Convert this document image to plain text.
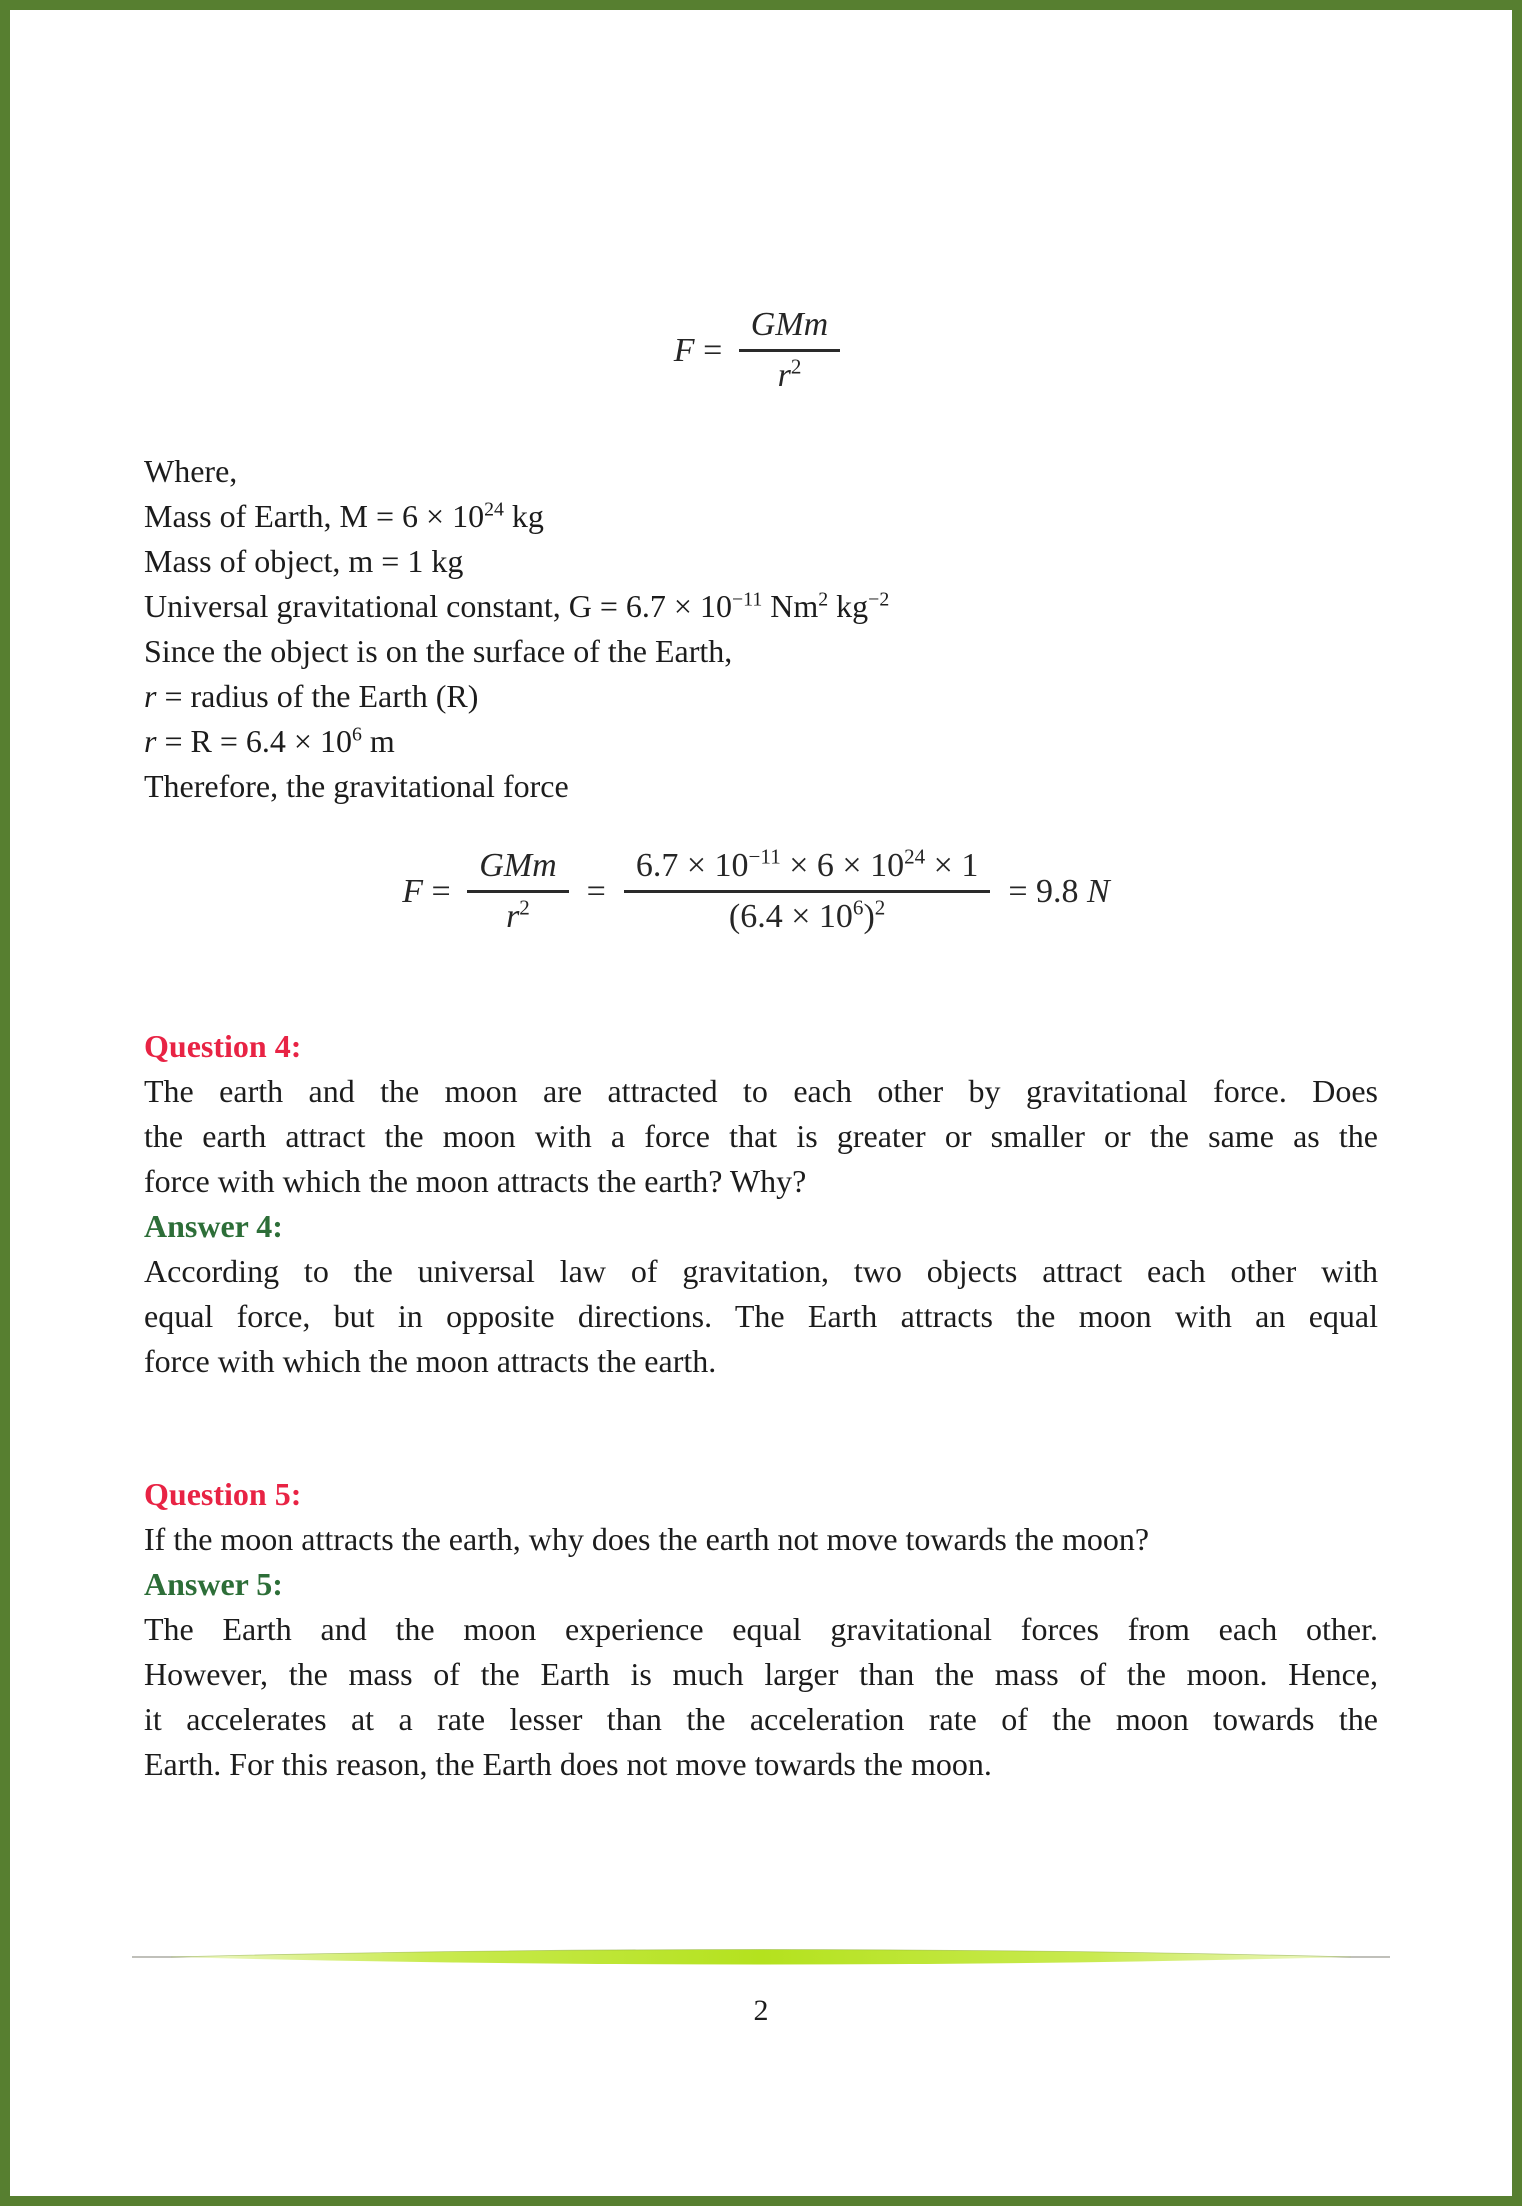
$F = \frac{\text{GMm}}{r^2}$
Where,
Mass of Earth, $M = 6 \times 10^{24}$ kg
Mass of object, m = 1 kg
Universal gravitational constant, $G = 6.7 \times 10^{-11}$ Nm$^2$ $kg^{-2}$
Since the object is on the surface of the Earth,
r = radius of the Earth (R)
$r = R = 6.4 \times 10^6$ m
Therefore, the gravitational force
$F = \frac{\text{GMm}}{r^2} = \frac{6.7 \times 10^{-11} \times 6 \times 10^{24} \times 1}{(6.4 \times 10^6)^2} = 9.8$ N
Question 4:
The earth and the moon are attracted to each other by gravitational force. Does
the earth attract the moon with a force that is greater or smaller or the same as the
force with which the moon attracts the earth? Why?
Answer 4:
According to the universal law of gravitation, two objects attract each other with
equal force, but in opposite directions. The Earth attracts the moon with an equal
force with which the moon attracts the earth.
Question 5:
If the moon attracts the earth, why does the earth not move towards the moon?
Answer 5:
The Earth and the moon experience equal gravitational forces from each other.
However, the mass of the Earth is much larger than the mass of the moon. Hence,
it accelerates at a rate lesser than the acceleration rate of the moon towards the
Earth. For this reason, the Earth does not move towards the moon.
2
